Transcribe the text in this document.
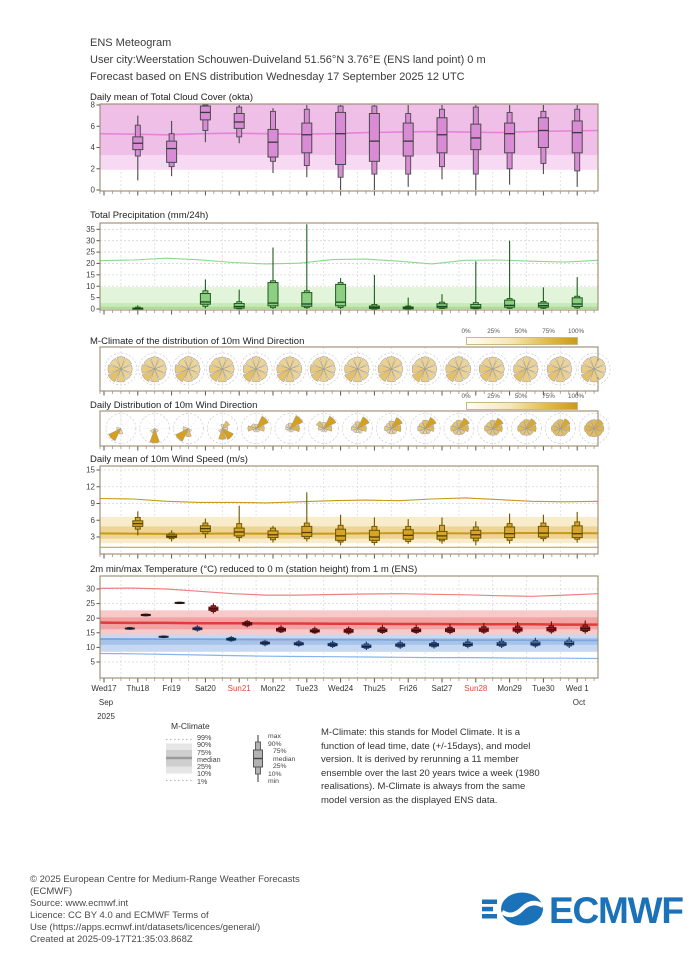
ENS Meteogram
User city:Weerstation Schouwen-Duiveland 51.56°N 3.76°E (ENS land point) 0 m
Forecast based on ENS distribution Wednesday 17 September 2025 12 UTC
0
2
4
6
8
0
5
10
15
20
25
30
35
3
6
9
12
15
5
10
15
20
25
30
Daily mean of Total Cloud Cover (okta)
Total Precipitation (mm/24h)
M-Climate of the distribution of 10m Wind Direction
Daily Distribution of 10m Wind Direction
Daily mean of 10m Wind Speed (m/s)
2m min/max Temperature (°C) reduced to 0 m (station height) from 1 m (ENS)
0%	25% 50% 75% 100%
0%	25% 50% 75% 100%
Wed17	Thu18	Fri19	Sat20	Sun21	Mon22	Tue23	Wed24	Thu25	Fri26	Sat27	Sun28	Mon29	Tue30	Wed 1
Sep
2025
Oct
M-Climate
99%
90%
75%
median
25%
10%
1%
max
90%
75%
median
25%
10%
min
M-Climate: this stands for Model Climate. It is a
function of lead time, date (+/-15days), and model
version. It is derived by rerunning a 11 member
ensemble over the last 20 years twice a week (1980
realisations). M-Climate is always from the same
model version as the displayed ENS data.
© 2025 European Centre for Medium-Range Weather Forecasts
(ECMWF)
Source: www.ecmwf.int
Licence: CC BY 4.0 and ECMWF Terms of
Use (https://apps.ecmwf.int/datasets/licences/general/)
Created at 2025-09-17T21:35:03.868Z
ECMWF
